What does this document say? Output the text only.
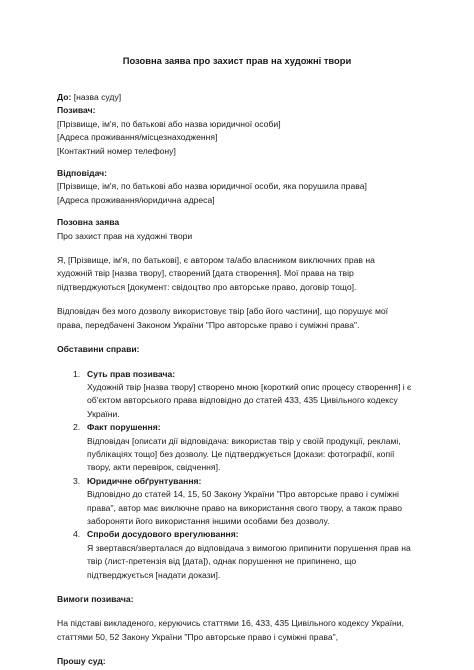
Позовна заява про захист прав на художні твори
До: [назва суду]
Позивач:
[Прізвище, ім'я, по батькові або назва юридичної особи]
[Адреса проживання/місцезнаходження]
[Контактний номер телефону]
Відповідач:
[Прізвище, ім'я, по батькові або назва юридичної особи, яка порушила права]
[Адреса проживання/юридична адреса]
Позовна заява
Про захист прав на художні твори
Я, [Прізвище, ім'я, по батькові], є автором та/або власником виключних прав на
художній твір [назва твору], створений [дата створення]. Мої права на твір
підтверджуються [документ: свідоцтво про авторське право, договір тощо].
Відповідач без мого дозволу використовує твір [або його частини], що порушує мої
права, передбачені Законом України "Про авторське право і суміжні права".
Обставини справи:
1. Суть прав позивача:
Художній твір [назва твору] створено мною [короткий опис процесу створення] і є
об'єктом авторського права відповідно до статей 433, 435 Цивільного кодексу
України.
2. Факт порушення:
Відповідач [описати дії відповідача: використав твір у своїй продукції, рекламі,
публікаціях тощо] без дозволу. Це підтверджується [докази: фотографії, копії
твору, акти перевірок, свідчення].
3. Юридичне обґрунтування:
Відповідно до статей 14, 15, 50 Закону України "Про авторське право і суміжні
права", автор має виключне право на використання свого твору, а також право
забороняти його використання іншими особами без дозволу.
4. Спроби досудового врегулювання:
Я звертався/зверталася до відповідача з вимогою припинити порушення прав на
твір (лист-претензія від [дата]), однак порушення не припинено, що
підтверджується [надати докази].
Вимоги позивача:
На підставі викладеного, керуючись статтями 16, 433, 435 Цивільного кодексу України,
статтями 50, 52 Закону України "Про авторське право і суміжні права",
Прошу суд:
